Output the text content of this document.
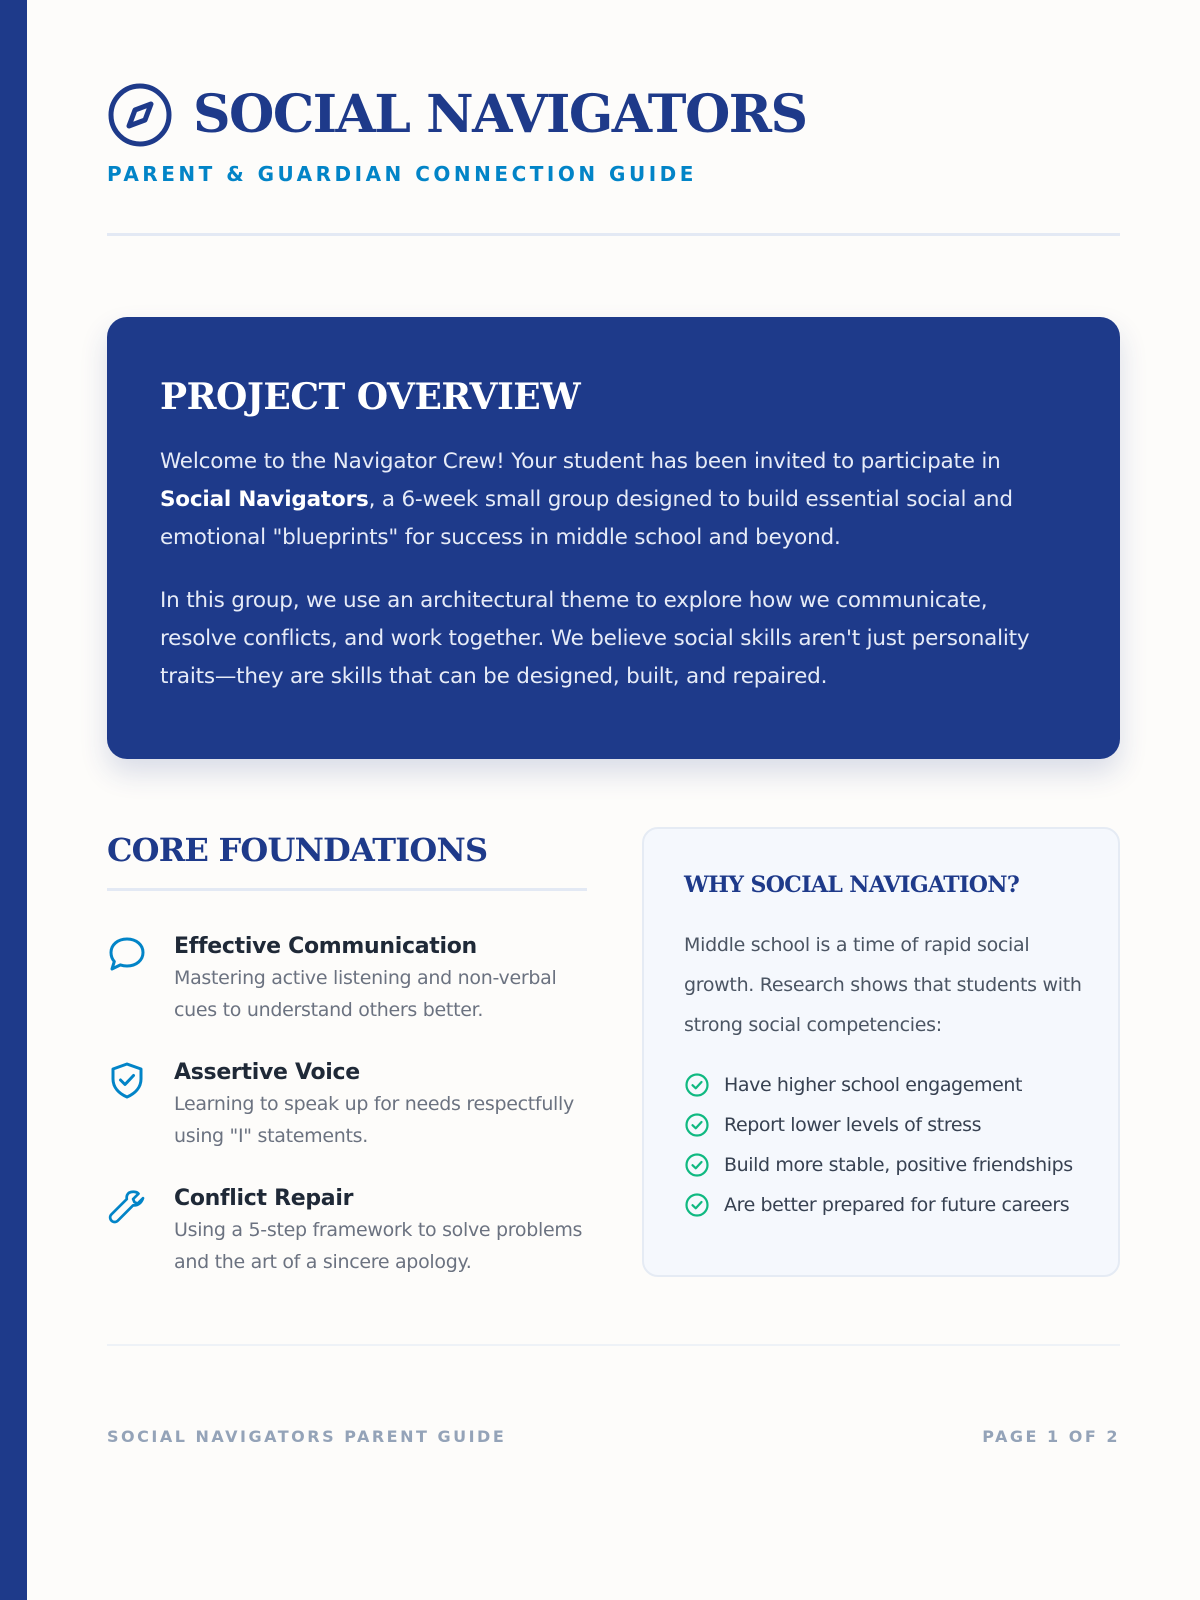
SOCIAL NAVIGATORS
PARENT & GUARDIAN CONNECTION GUIDE
PROJECT OVERVIEW

Welcome to the Navigator Crew! Your student has been invited to participate in Social Navigators, a 6-week small group designed to build essential social and emotional "blueprints" for success in middle school and beyond.

In this group, we use an architectural theme to explore how we communicate, resolve conflicts, and work together. We believe social skills aren't just personality traits—they are skills that can be designed, built, and repaired.

CORE FOUNDATIONS
Effective Communication
Mastering active listening and non-verbal cues to understand others better.
Assertive Voice
Learning to speak up for needs respectfully using "I" statements.
Conflict Repair
Using a 5-step framework to solve problems and the art of a sincere apology.
WHY SOCIAL NAVIGATION?

Middle school is a time of rapid social growth. Research shows that students with strong social competencies:

Have higher school engagement
Report lower levels of stress
Build more stable, positive friendships
Are better prepared for future careers
SOCIAL NAVIGATORS PARENT GUIDE	PAGE 1 OF 2
